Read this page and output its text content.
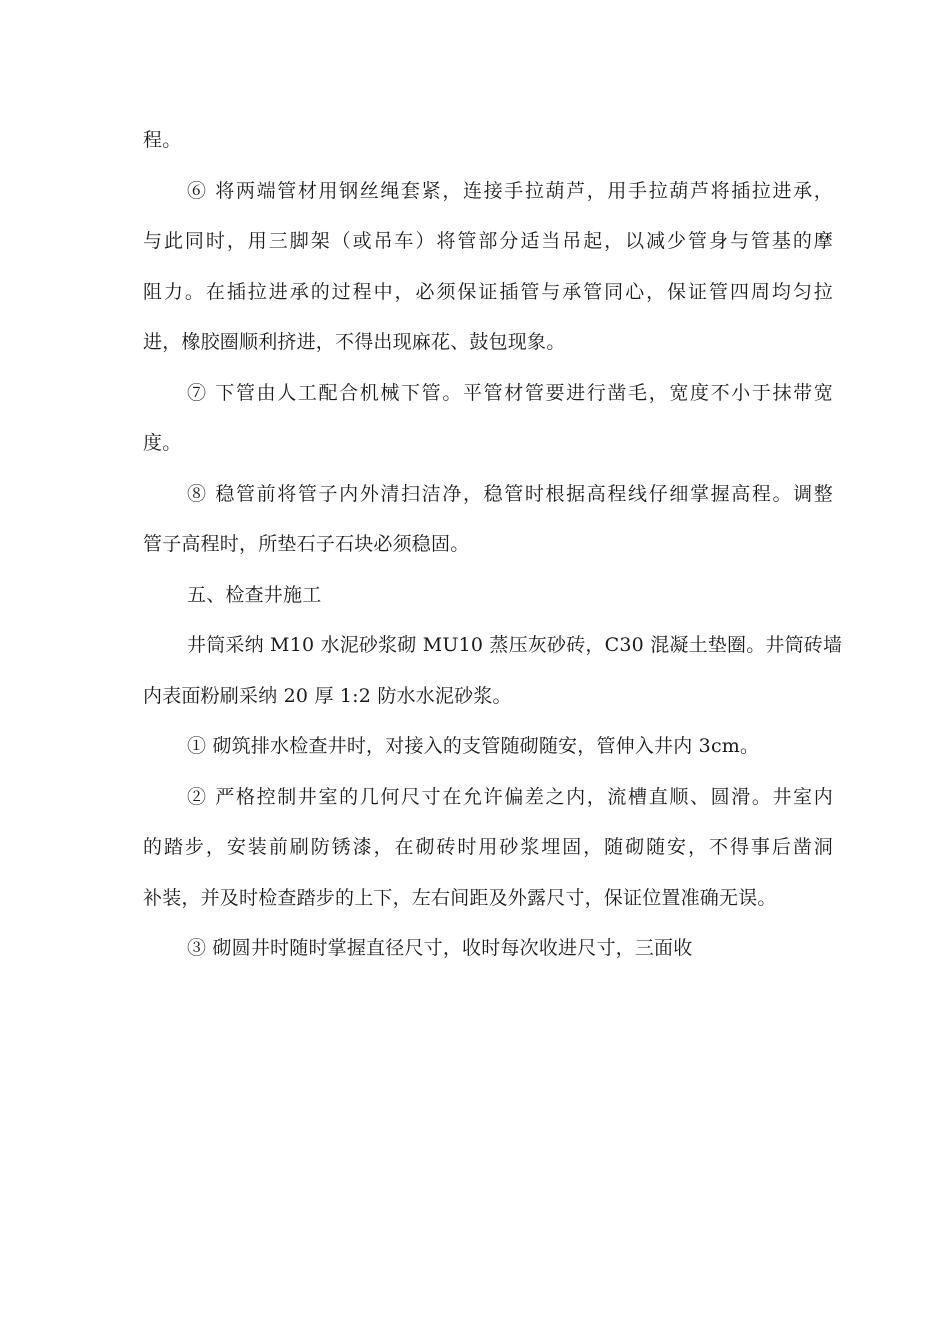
程。
⑥ 将两端管材用钢丝绳套紧，连接手拉葫芦，用手拉葫芦将插拉进承，
与此同时，用三脚架（或吊车）将管部分适当吊起，以减少管身与管基的摩
阻力。在插拉进承的过程中，必须保证插管与承管同心，保证管四周均匀拉
进，橡胶圈顺利挤进，不得出现麻花、鼓包现象。
⑦ 下管由人工配合机械下管。平管材管要进行凿毛，宽度不小于抹带宽
度。
⑧ 稳管前将管子内外清扫洁净，稳管时根据高程线仔细掌握高程。调整
管子高程时，所垫石子石块必须稳固。
五、检查井施工
井筒采纳 M10 水泥砂浆砌 MU10 蒸压灰砂砖，C30 混凝土垫圈。井筒砖墙
内表面粉刷采纳 20 厚 1:2 防水水泥砂浆。
① 砌筑排水检查井时，对接入的支管随砌随安，管伸入井内 3cm。
② 严格控制井室的几何尺寸在允许偏差之内，流槽直顺、圆滑。井室内
的踏步，安装前刷防锈漆，在砌砖时用砂浆埋固，随砌随安，不得事后凿洞
补装，并及时检查踏步的上下，左右间距及外露尺寸，保证位置准确无误。
③ 砌圆井时随时掌握直径尺寸，收时每次收进尺寸，三面收
